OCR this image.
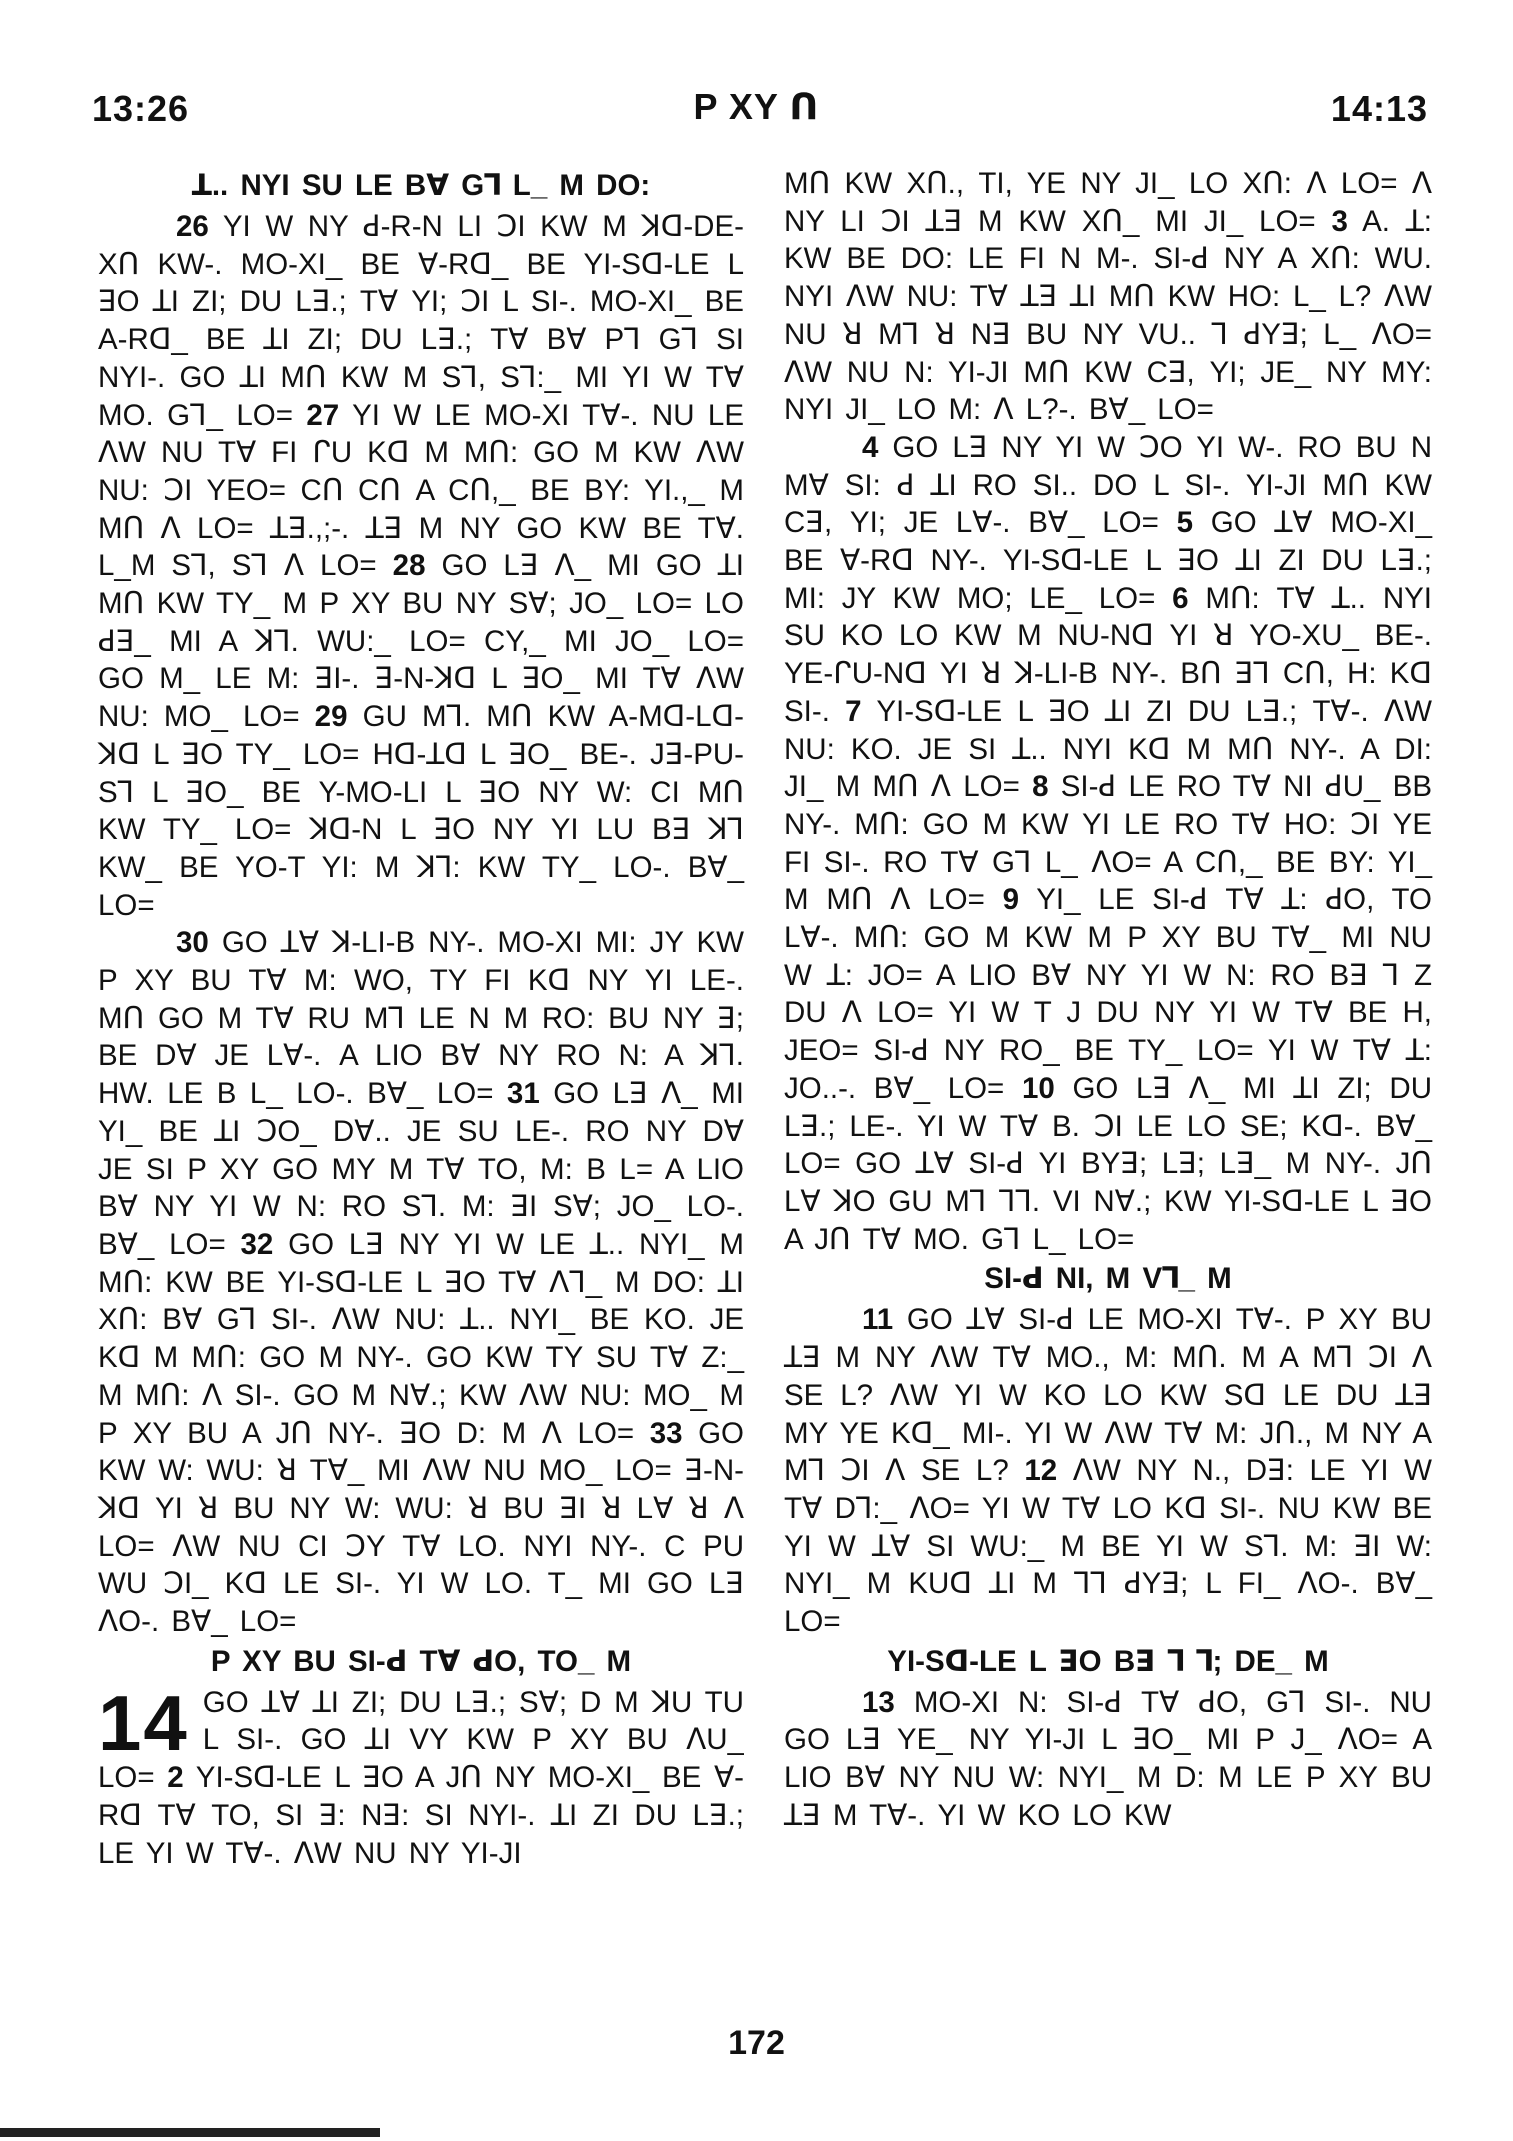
13:26	P XY ᑎ	14:13
ꓕ.. NYI SU LE Bꓯ Gꓶ L_ M DO:

26 YI W NY ꓒ-R-N LI ꓛI KW M ꓘꓷ-DE-Xᑎ KW-. MO-XI_ BE ꓯ-Rꓷ_ BE YI-Sꓷ-LE L ꓱO ꓕI ZI; DU Lꓱ.; Tꓯ YI; ꓛI L SI-. MO-XI_ BE A-Rꓷ_ BE ꓕI ZI; DU Lꓱ.; Tꓯ Bꓯ Pꓶ Gꓶ SI NYI-. GO ꓕI Mᑎ KW M Sꓶ, Sꓶ:_ MI YI W Tꓯ MO. Gꓶ_ LO= 27 YI W LE MO-XI Tꓯ-. NU LE ꓥW NU Tꓯ FI ᒋU Kꓷ M Mᑎ: GO M KW ꓥW NU: ꓛI YEO= Cᑎ Cᑎ A Cᑎ,_ BE BY: YI.,_ M Mᑎ ꓥ LO= ꓕꓱ.,;-. ꓕꓱ M NY GO KW BE Tꓯ. L_M Sꓶ, Sꓶ ꓥ LO= 28 GO Lꓱ ꓥ_ MI GO ꓕI Mᑎ KW TY_ M P XY BU NY Sꓯ; JO_ LO= LO ꓒꓱ_ MI A ꓘꓶ. WU:_ LO= CY,_ MI JO_ LO= GO M_ LE M: ꓱI-. ꓱ-N-ꓘꓷ L ꓱO_ MI Tꓯ ꓥW NU: MO_ LO= 29 GU Mꓶ. Mᑎ KW A-Mꓷ-Lꓷ-ꓘꓷ L ꓱO TY_ LO= Hꓷ-ꓕꓷ L ꓱO_ BE-. Jꓱ-PU-Sꓶ L ꓱO_ BE Y-MO-LI L ꓱO NY W: CI Mᑎ KW TY_ LO= ꓘꓷ-N L ꓱO NY YI LU Bꓱ ꓘꓶ KW_ BE YO-T YI: M ꓘꓶ: KW TY_ LO-. Bꓯ_ LO=

30 GO ꓕꓯ ꓘ-LI-B NY-. MO-XI MI: JY KW P XY BU Tꓯ M: WO, TY FI Kꓷ NY YI LE-. Mᑎ GO M Tꓯ RU Mꓶ LE N M RO: BU NY ꓱ; BE Dꓯ JE Lꓯ-. A LIO Bꓯ NY RO N: A ꓘꓶ. HW. LE B L_ LO-. Bꓯ_ LO= 31 GO Lꓱ ꓥ_ MI YI_ BE ꓕI ꓛO_ Dꓯ.. JE SU LE-. RO NY Dꓯ JE SI P XY GO MY M Tꓯ TO, M: B L= A LIO Bꓯ NY YI W N: RO Sꓶ. M: ꓱI Sꓯ; JO_ LO-. Bꓯ_ LO= 32 GO Lꓱ NY YI W LE ꓕ.. NYI_ M Mᑎ: KW BE YI-Sꓷ-LE L ꓱO Tꓯ ꓥꓶ_ M DO: ꓕI Xᑎ: Bꓯ Gꓶ SI-. ꓥW NU: ꓕ.. NYI_ BE KO. JE Kꓷ M Mᑎ: GO M NY-. GO KW TY SU Tꓯ Z:_ M Mᑎ: ꓥ SI-. GO M Nꓯ.; KW ꓥW NU: MO_ M P XY BU A Jᑎ NY-. ꓱO D: M ꓥ LO= 33 GO KW W: WU: ꓤ Tꓯ_ MI ꓥW NU MO_ LO= ꓱ-N-ꓘꓷ YI ꓤ BU NY W: WU: ꓤ BU ꓱI ꓤ Lꓯ ꓤ ꓥ LO= ꓥW NU CI ꓛY Tꓯ LO. NYI NY-. C PU WU ꓛI_ Kꓷ LE SI-. YI W LO. T_ MI GO Lꓱ ꓥO-. Bꓯ_ LO=

P XY BU SI-ꓒ Tꓯ ꓒO, TO_ M
14 GO ꓕꓯ ꓕI ZI; DU Lꓱ.; Sꓯ; D M ꓘU TU L SI-. GO ꓕI VY KW P XY BU ꓥU_ LO= 2 YI-Sꓷ-LE L ꓱO A Jᑎ NY MO-XI_ BE ꓯ-Rꓷ Tꓯ TO, SI ꓱ: Nꓱ: SI NYI-. ꓕI ZI DU Lꓱ.; LE YI W Tꓯ-. ꓥW NU NY YI-JI

Mᑎ KW Xᑎ., TI, YE NY JI_ LO Xᑎ: ꓥ LO= ꓥ NY LI ꓛI ꓕꓱ M KW Xᑎ_ MI JI_ LO= 3 A. ꓕ: KW BE DO: LE FI N M-. SI-ꓒ NY A Xᑎ: WU. NYI ꓥW NU: Tꓯ ꓕꓱ ꓕI Mᑎ KW HO: L_ L? ꓥW NU ꓤ Mꓶ ꓤ Nꓱ BU NY VU.. ꓶ ꓒYꓱ; L_ ꓥO= ꓥW NU N: YI-JI Mᑎ KW Cꓱ, YI; JE_ NY MY: NYI JI_ LO M: ꓥ L?-. Bꓯ_ LO=

4 GO Lꓱ NY YI W ꓛO YI W-. RO BU N Mꓯ SI: ꓒ ꓕI RO SI.. DO L SI-. YI-JI Mᑎ KW Cꓱ, YI; JE Lꓯ-. Bꓯ_ LO= 5 GO ꓕꓯ MO-XI_ BE ꓯ-Rꓷ NY-. YI-Sꓷ-LE L ꓱO ꓕI ZI DU Lꓱ.; MI: JY KW MO; LE_ LO= 6 Mᑎ: Tꓯ ꓕ.. NYI SU KO LO KW M NU-Nꓷ YI ꓤ YO-XU_ BE-. YE-ᒋU-Nꓷ YI ꓤ ꓘ-LI-B NY-. Bᑎ ꓱꓶ Cᑎ, H: Kꓷ SI-. 7 YI-Sꓷ-LE L ꓱO ꓕI ZI DU Lꓱ.; Tꓯ-. ꓥW NU: KO. JE SI ꓕ.. NYI Kꓷ M Mᑎ NY-. A DI: JI_ M Mᑎ ꓥ LO= 8 SI-ꓒ LE RO Tꓯ NI ꓒU_ BB NY-. Mᑎ: GO M KW YI LE RO Tꓯ HO: ꓛI YE FI SI-. RO Tꓯ Gꓶ L_ ꓥO= A Cᑎ,_ BE BY: YI_ M Mᑎ ꓥ LO= 9 YI_ LE SI-ꓒ Tꓯ ꓕ: ꓒO, TO Lꓯ-. Mᑎ: GO M KW M P XY BU Tꓯ_ MI NU W ꓕ: JO= A LIO Bꓯ NY YI W N: RO Bꓱ ꓶ Z DU ꓥ LO= YI W T J DU NY YI W Tꓯ BE H, JEO= SI-ꓒ NY RO_ BE TY_ LO= YI W Tꓯ ꓕ: JO..-. Bꓯ_ LO= 10 GO Lꓱ ꓥ_ MI ꓕI ZI; DU Lꓱ.; LE-. YI W Tꓯ B. ꓛI LE LO SE; Kꓷ-. Bꓯ_ LO= GO ꓕꓯ SI-ꓒ YI BYꓱ; Lꓱ; Lꓱ_ M NY-. Jᑎ Lꓯ ꓘO GU Mꓶ ꓶꓶ. VI Nꓯ.; KW YI-Sꓷ-LE L ꓱO A Jᑎ Tꓯ MO. Gꓶ L_ LO=

SI-ꓒ NI, M Vꓶ_ M

11 GO ꓕꓯ SI-ꓒ LE MO-XI Tꓯ-. P XY BU ꓕꓱ M NY ꓥW Tꓯ MO., M: Mᑎ. M A Mꓶ ꓛI ꓥ SE L? ꓥW YI W KO LO KW Sꓷ LE DU ꓕꓱ MY YE Kꓷ_ MI-. YI W ꓥW Tꓯ M: Jᑎ., M NY A Mꓶ ꓛI ꓥ SE L? 12 ꓥW NY N., Dꓱ: LE YI W Tꓯ Dꓶ:_ ꓥO= YI W Tꓯ LO Kꓷ SI-. NU KW BE YI W ꓕꓯ SI WU:_ M BE YI W Sꓶ. M: ꓱI W: NYI_ M KUꓷ ꓕI M ꓶꓶ ꓒYꓱ; L FI_ ꓥO-. Bꓯ_ LO=

YI-Sꓷ-LE L ꓱO Bꓱ ꓶ ꓶ; DE_ M

13 MO-XI N: SI-ꓒ Tꓯ ꓒO, Gꓶ SI-. NU GO Lꓱ YE_ NY YI-JI L ꓱO_ MI P J_ ꓥO= A LIO Bꓯ NY NU W: NYI_ M D: M LE P XY BU ꓕꓱ M Tꓯ-. YI W KO LO KW

172
